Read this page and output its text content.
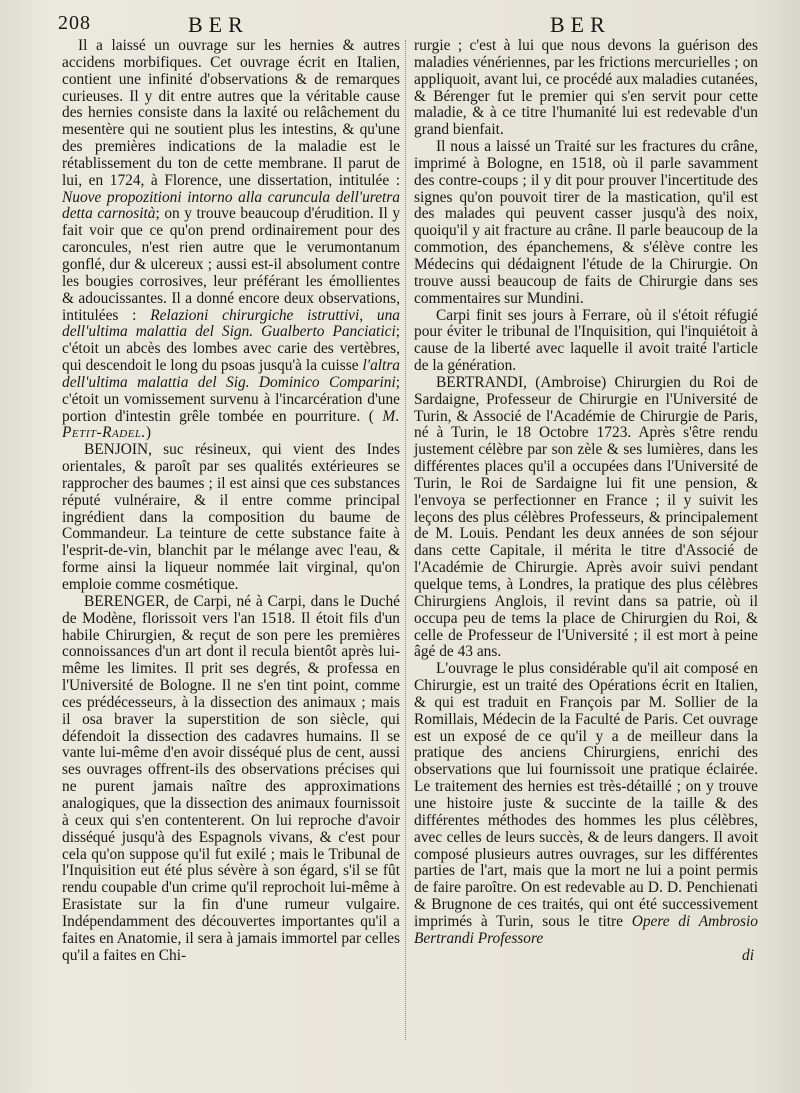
208	BER	BER

Il a laissé un ouvrage sur les hernies & autres accidens morbifiques. Cet ouvrage écrit en Italien, contient une infinité d'observations & de remarques curieuses. Il y dit entre autres que la véritable cause des hernies consiste dans la laxité ou relâchement du mesentère qui ne soutient plus les intestins, & qu'une des premières indications de la maladie est le rétablissement du ton de cette membrane. Il parut de lui, en 1724, à Florence, une dissertation, intitulée : Nuove propozitioni intorno alla caruncula dell'uretra detta carnosità; on y trouve beaucoup d'érudition. Il y fait voir que ce qu'on prend ordinairement pour des caroncules, n'est rien autre que le verumontanum gonflé, dur & ulcereux ; aussi est-il absolument contre les bougies corrosives, leur préférant les émollientes & adoucissantes. Il a donné encore deux observations, intitulées : Relazioni chirurgiche istruttivi, una dell'ultima malattia del Sign. Gualberto Panciatici; c'étoit un abcès des lombes avec carie des vertèbres, qui descendoit le long du psoas jusqu'à la cuisse l'altra dell'ultima malattia del Sig. Dominico Comparini; c'étoit un vomissement survenu à l'incarcération d'une portion d'intestin grêle tombée en pourriture. ( M. Petit-Radel.)

BENJOIN, suc résineux, qui vient des Indes orientales, & paroît par ses qualités extérieures se rapprocher des baumes ; il est ainsi que ces substances réputé vulnéraire, & il entre comme principal ingrédient dans la composition du baume de Commandeur. La teinture de cette substance faite à l'esprit-de-vin, blanchit par le mélange avec l'eau, & forme ainsi la liqueur nommée lait virginal, qu'on emploie comme cosmétique.

BERENGER, de Carpi, né à Carpi, dans le Duché de Modène, florissoit vers l'an 1518. Il étoit fils d'un habile Chirurgien, & reçut de son pere les premières connoissances d'un art dont il recula bientôt après lui-même les limites. Il prit ses degrés, & professa en l'Université de Bologne. Il ne s'en tint point, comme ces prédécesseurs, à la dissection des animaux ; mais il osa braver la superstition de son siècle, qui défendoit la dissection des cadavres humains. Il se vante lui-même d'en avoir disséqué plus de cent, aussi ses ouvrages offrent-ils des observations précises qui ne purent jamais naître des approximations analogiques, que la dissection des animaux fournissoit à ceux qui s'en contenterent. On lui reproche d'avoir disséqué jusqu'à des Espagnols vivans, & c'est pour cela qu'on suppose qu'il fut exilé ; mais le Tribunal de l'Inquisition eut été plus sévère à son égard, s'il se fût rendu coupable d'un crime qu'il reprochoit lui-même à Erasistate sur la fin d'une rumeur vulgaire. Indépendamment des découvertes importantes qu'il a faites en Anatomie, il sera à jamais immortel par celles qu'il a faites en Chi-

rurgie ; c'est à lui que nous devons la guérison des maladies vénériennes, par les frictions mercurielles ; on appliquoit, avant lui, ce procédé aux maladies cutanées, & Bérenger fut le premier qui s'en servit pour cette maladie, & à ce titre l'humanité lui est redevable d'un grand bienfait.

Il nous a laissé un Traité sur les fractures du crâne, imprimé à Bologne, en 1518, où il parle savamment des contre-coups ; il y dit pour prouver l'incertitude des signes qu'on pouvoit tirer de la mastication, qu'il est des malades qui peuvent casser jusqu'à des noix, quoiqu'il y ait fracture au crâne. Il parle beaucoup de la commotion, des épanchemens, & s'élève contre les Médecins qui dédaignent l'étude de la Chirurgie. On trouve aussi beaucoup de faits de Chirurgie dans ses commentaires sur Mundini.

Carpi finit ses jours à Ferrare, où il s'étoit réfugié pour éviter le tribunal de l'Inquisition, qui l'inquiétoit à cause de la liberté avec laquelle il avoit traité l'article de la génération.

BERTRANDI, (Ambroise) Chirurgien du Roi de Sardaigne, Professeur de Chirurgie en l'Université de Turin, & Associé de l'Académie de Chirurgie de Paris, né à Turin, le 18 Octobre 1723. Après s'être rendu justement célèbre par son zèle & ses lumières, dans les différentes places qu'il a occupées dans l'Université de Turin, le Roi de Sardaigne lui fit une pension, & l'envoya se perfectionner en France ; il y suivit les leçons des plus célèbres Professeurs, & principalement de M. Louis. Pendant les deux années de son séjour dans cette Capitale, il mérita le titre d'Associé de l'Académie de Chirurgie. Après avoir suivi pendant quelque tems, à Londres, la pratique des plus célèbres Chirurgiens Anglois, il revint dans sa patrie, où il occupa peu de tems la place de Chirurgien du Roi, & celle de Professeur de l'Université ; il est mort à peine âgé de 43 ans.

L'ouvrage le plus considérable qu'il ait composé en Chirurgie, est un traité des Opérations écrit en Italien, & qui est traduit en François par M. Sollier de la Romillais, Médecin de la Faculté de Paris. Cet ouvrage est un exposé de ce qu'il y a de meilleur dans la pratique des anciens Chirurgiens, enrichi des observations que lui fournissoit une pratique éclairée. Le traitement des hernies est très-détaillé ; on y trouve une histoire juste & succinte de la taille & des différentes méthodes des hommes les plus célèbres, avec celles de leurs succès, & de leurs dangers. Il avoit composé plusieurs autres ouvrages, sur les différentes parties de l'art, mais que la mort ne lui a point permis de faire paroître. On est redevable au D. D. Penchienati & Brugnone de ces traités, qui ont été successivement imprimés à Turin, sous le titre Opere di Ambrosio Bertrandi Professore

di
